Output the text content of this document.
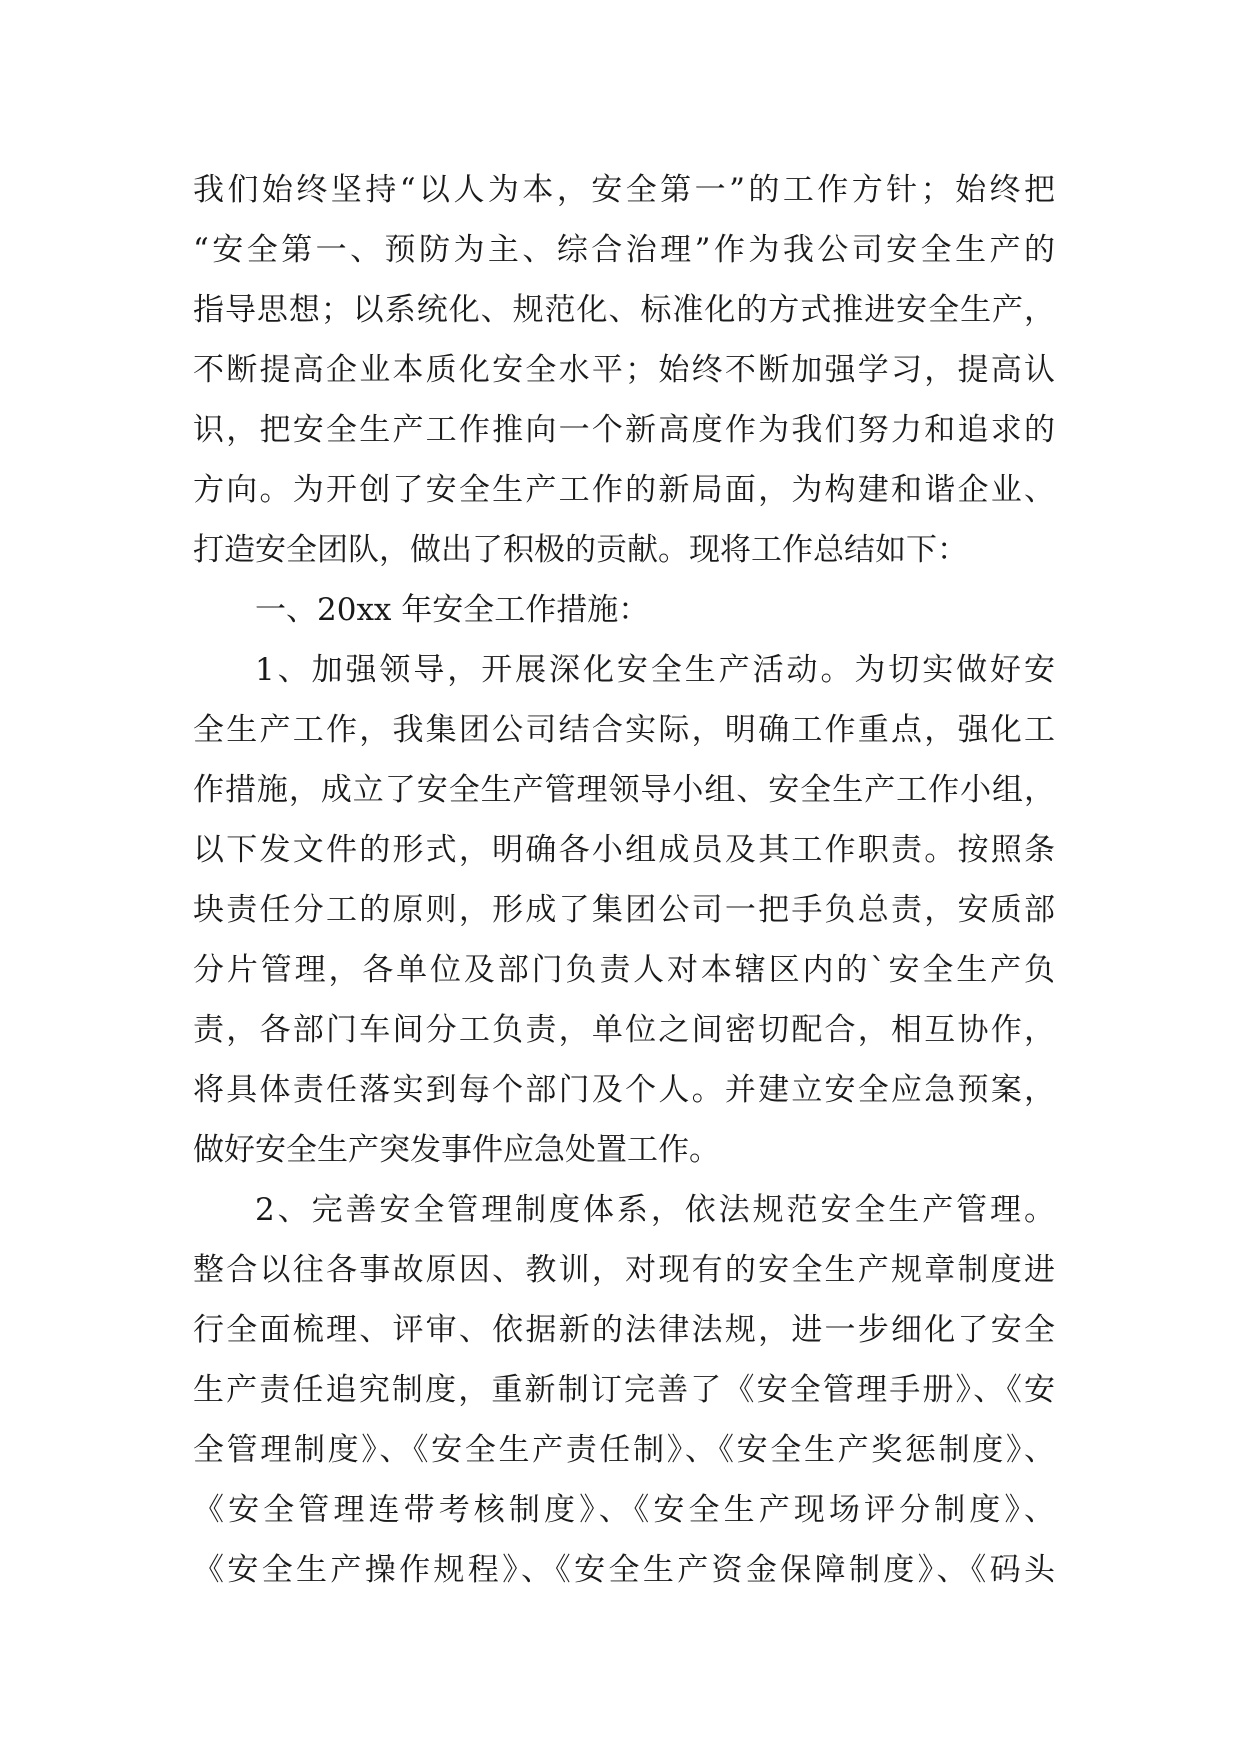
我们始终坚持“以人为本，安全第一”的工作方针；始终把
“安全第一、预防为主、综合治理”作为我公司安全生产的
指导思想；以系统化、规范化、标准化的方式推进安全生产，
不断提高企业本质化安全水平；始终不断加强学习，提高认
识，把安全生产工作推向一个新高度作为我们努力和追求的
方向。为开创了安全生产工作的新局面，为构建和谐企业、
打造安全团队，做出了积极的贡献。现将工作总结如下：
一、20xx 年安全工作措施：
1、加强领导，开展深化安全生产活动。为切实做好安
全生产工作，我集团公司结合实际，明确工作重点，强化工
作措施，成立了安全生产管理领导小组、安全生产工作小组，
以下发文件的形式，明确各小组成员及其工作职责。按照条
块责任分工的原则，形成了集团公司一把手负总责，安质部
分片管理，各单位及部门负责人对本辖区内的`安全生产负
责，各部门车间分工负责，单位之间密切配合，相互协作，
将具体责任落实到每个部门及个人。并建立安全应急预案，
做好安全生产突发事件应急处置工作。
2、完善安全管理制度体系，依法规范安全生产管理。
整合以往各事故原因、教训，对现有的安全生产规章制度进
行全面梳理、评审、依据新的法律法规，进一步细化了安全
生产责任追究制度，重新制订完善了《安全管理手册》、《安
全管理制度》、《安全生产责任制》、《安全生产奖惩制度》、
《安全管理连带考核制度》、《安全生产现场评分制度》、
《安全生产操作规程》、《安全生产资金保障制度》、《码头
